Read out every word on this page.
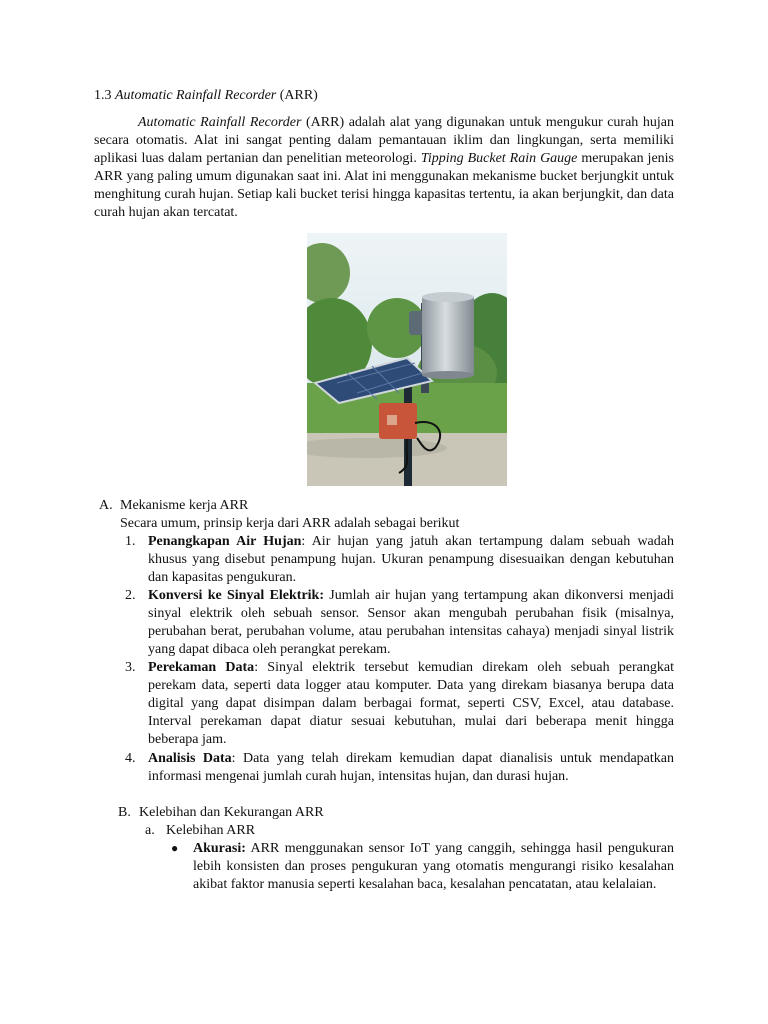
1.3 Automatic Rainfall Recorder (ARR)

Automatic Rainfall Recorder (ARR) adalah alat yang digunakan untuk mengukur curah hujan secara otomatis. Alat ini sangat penting dalam pemantauan iklim dan lingkungan, serta memiliki aplikasi luas dalam pertanian dan penelitian meteorologi. Tipping Bucket Rain Gauge merupakan jenis ARR yang paling umum digunakan saat ini. Alat ini menggunakan mekanisme bucket berjungkit untuk menghitung curah hujan. Setiap kali bucket terisi hingga kapasitas tertentu, ia akan berjungkit, dan data curah hujan akan tercatat.

A. Mekanisme kerja ARR
Secara umum, prinsip kerja dari ARR adalah sebagai berikut
1. Penangkapan Air Hujan: Air hujan yang jatuh akan tertampung dalam sebuah wadah khusus yang disebut penampung hujan. Ukuran penampung disesuaikan dengan kebutuhan dan kapasitas pengukuran.
2. Konversi ke Sinyal Elektrik: Jumlah air hujan yang tertampung akan dikonversi menjadi sinyal elektrik oleh sebuah sensor. Sensor akan mengubah perubahan fisik (misalnya, perubahan berat, perubahan volume, atau perubahan intensitas cahaya) menjadi sinyal listrik yang dapat dibaca oleh perangkat perekam.
3. Perekaman Data: Sinyal elektrik tersebut kemudian direkam oleh sebuah perangkat perekam data, seperti data logger atau komputer. Data yang direkam biasanya berupa data digital yang dapat disimpan dalam berbagai format, seperti CSV, Excel, atau database. Interval perekaman dapat diatur sesuai kebutuhan, mulai dari beberapa menit hingga beberapa jam.
4. Analisis Data: Data yang telah direkam kemudian dapat dianalisis untuk mendapatkan informasi mengenai jumlah curah hujan, intensitas hujan, dan durasi hujan.
B. Kelebihan dan Kekurangan ARR
a. Kelebihan ARR
● Akurasi: ARR menggunakan sensor IoT yang canggih, sehingga hasil pengukuran lebih konsisten dan proses pengukuran yang otomatis mengurangi risiko kesalahan akibat faktor manusia seperti kesalahan baca, kesalahan pencatatan, atau kelalaian.
